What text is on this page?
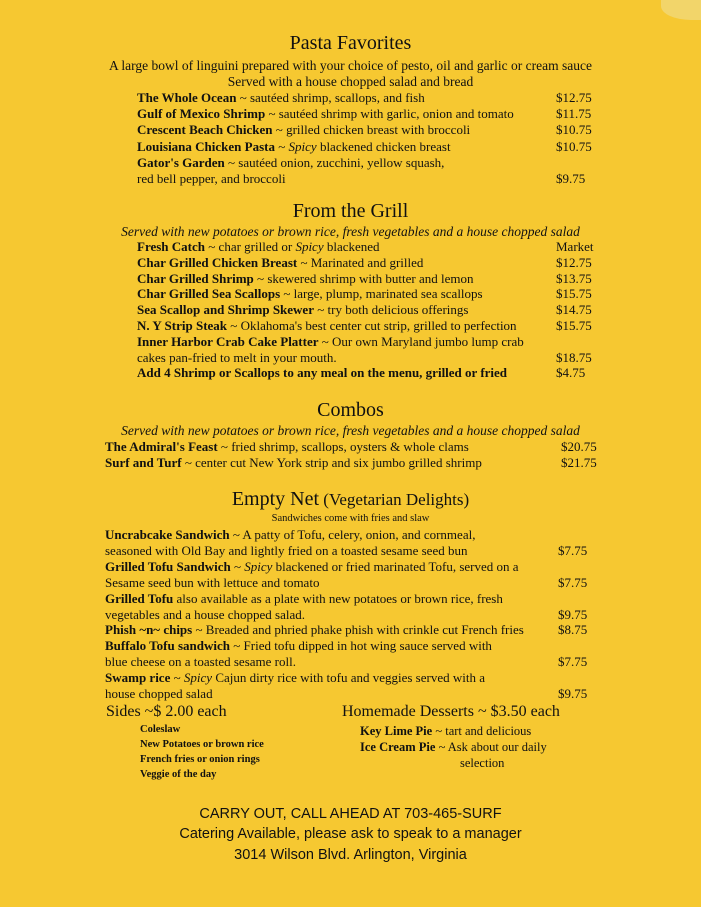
Pasta Favorites
A large bowl of linguini prepared with your choice of pesto, oil and garlic or cream sauce
Served with a house chopped salad and bread
The Whole Ocean ~ sautéed shrimp, scallops, and fish	$12.75
Gulf of Mexico Shrimp ~ sautéed shrimp with garlic, onion and tomato	$11.75
Crescent Beach Chicken ~ grilled chicken breast with broccoli	$10.75
Louisiana Chicken Pasta ~ Spicy blackened chicken breast	$10.75
Gator's Garden ~ sautéed onion, zucchini, yellow squash,
red bell pepper, and broccoli	$9.75
From the Grill
Served with new potatoes or brown rice, fresh vegetables and a house chopped salad
Fresh Catch ~ char grilled or Spicy blackened	Market
Char Grilled Chicken Breast ~ Marinated and grilled	$12.75
Char Grilled Shrimp ~ skewered shrimp with butter and lemon	$13.75
Char Grilled Sea Scallops ~ large, plump, marinated sea scallops	$15.75
Sea Scallop and Shrimp Skewer ~ try both delicious offerings	$14.75
N. Y Strip Steak ~ Oklahoma's best center cut strip, grilled to perfection	$15.75
Inner Harbor Crab Cake Platter ~ Our own Maryland jumbo lump crab
cakes pan-fried to melt in your mouth.	$18.75
Add 4 Shrimp or Scallops to any meal on the menu, grilled or fried	$4.75
Combos
Served with new potatoes or brown rice, fresh vegetables and a house chopped salad
The Admiral's Feast ~ fried shrimp, scallops, oysters & whole clams	$20.75
Surf and Turf ~ center cut New York strip and six jumbo grilled shrimp	$21.75
Empty Net (Vegetarian Delights)
Sandwiches come with fries and slaw
Uncrabcake Sandwich ~ A patty of Tofu, celery, onion, and cornmeal,
seasoned with Old Bay and lightly fried on a toasted sesame seed bun	$7.75
Grilled Tofu Sandwich ~ Spicy blackened or fried marinated Tofu, served on a
Sesame seed bun with lettuce and tomato	$7.75
Grilled Tofu also available as a plate with new potatoes or brown rice, fresh
vegetables and a house chopped salad.	$9.75
Phish ~n~ chips ~ Breaded and phried phake phish with crinkle cut French fries	$8.75
Buffalo Tofu sandwich ~ Fried tofu dipped in hot wing sauce served with
blue cheese on a toasted sesame roll.	$7.75
Swamp rice ~ Spicy Cajun dirty rice with tofu and veggies served with a
house chopped salad	$9.75
Sides ~$ 2.00 each
Coleslaw
New Potatoes or brown rice
French fries or onion rings
Veggie of the day
Homemade Desserts ~ $3.50 each
Key Lime Pie ~ tart and delicious
Ice Cream Pie ~ Ask about our daily
selection
CARRY OUT, CALL AHEAD AT 703-465-SURF
Catering Available, please ask to speak to a manager
3014 Wilson Blvd. Arlington, Virginia
